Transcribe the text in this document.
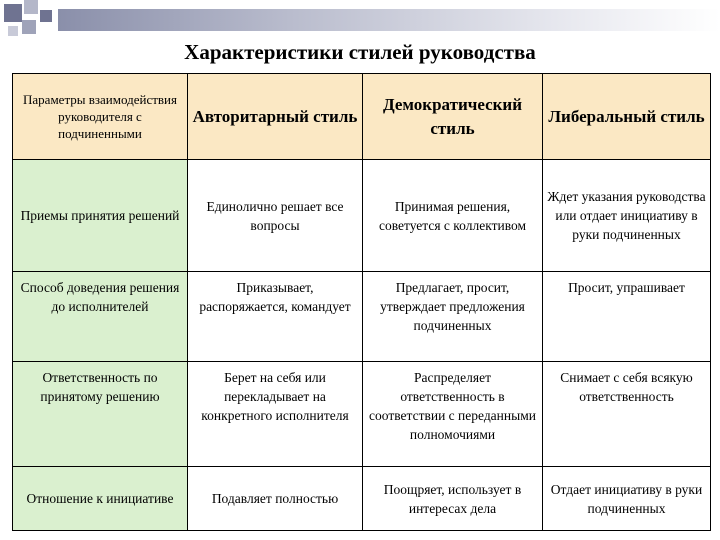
Характеристики стилей руководства
Параметры взаимодействия руководителя с подчиненными	Авторитарный стиль	Демократический стиль	Либеральный стиль
Приемы принятия решений	Единолично решает все вопросы	Принимая решения, советуется с коллективом	Ждет указания руководства или отдает инициативу в руки подчиненных
Способ доведения решения до исполнителей	Приказывает, распоряжается, командует	Предлагает, просит, утверждает предложения подчиненных	Просит, упрашивает
Ответственность по принятому решению	Берет на себя или перекладывает на конкретного исполнителя	Распределяет ответственность в соответствии с переданными полномочиями	Снимает с себя всякую ответственность
Отношение к инициативе	Подавляет полностью	Поощряет, использует в интересах дела	Отдает инициативу в руки подчиненных
